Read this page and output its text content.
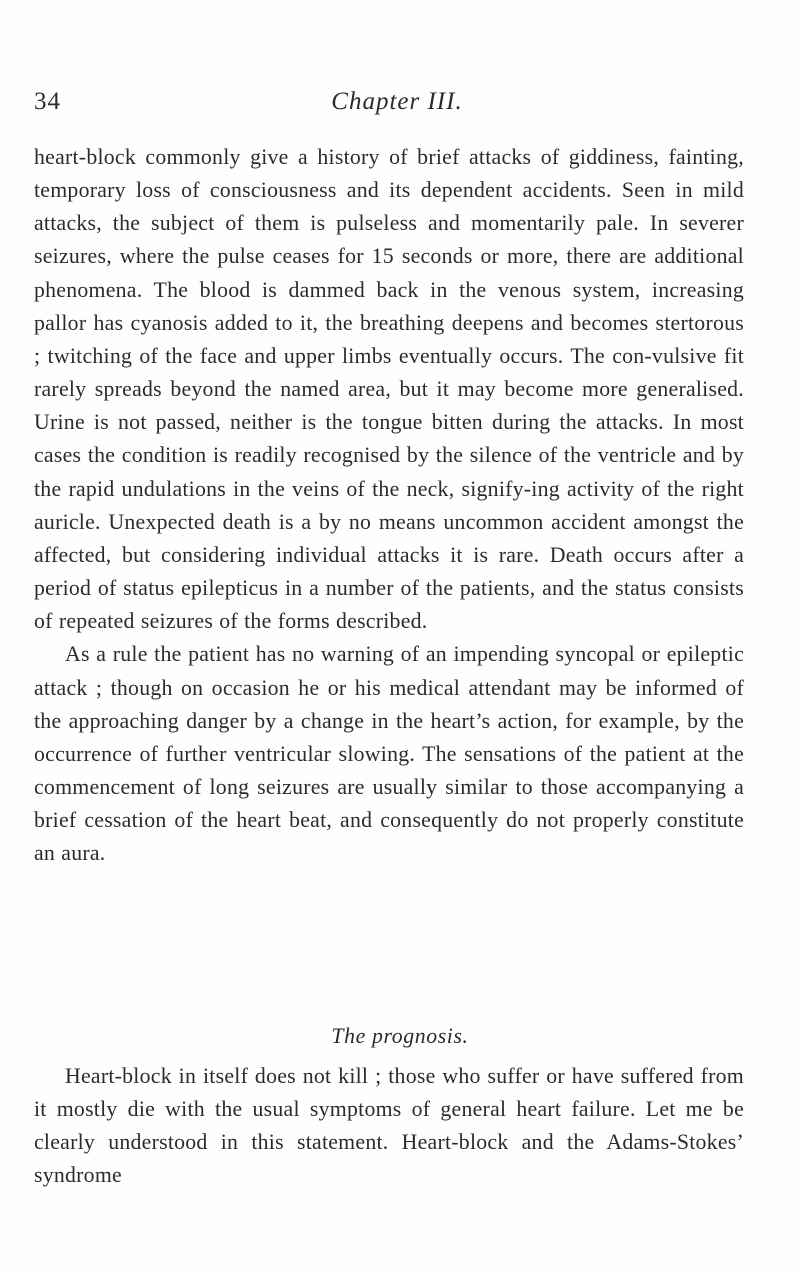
34	Chapter III.

heart-block commonly give a history of brief attacks of giddiness, fainting, temporary loss of consciousness and its dependent accidents. Seen in mild attacks, the subject of them is pulseless and momentarily pale. In severer seizures, where the pulse ceases for 15 seconds or more, there are additional phenomena. The blood is dammed back in the venous system, increasing pallor has cyanosis added to it, the breathing deepens and becomes stertorous ; twitching of the face and upper limbs eventually occurs. The con-vulsive fit rarely spreads beyond the named area, but it may become more generalised. Urine is not passed, neither is the tongue bitten during the attacks. In most cases the condition is readily recognised by the silence of the ventricle and by the rapid undulations in the veins of the neck, signify-ing activity of the right auricle. Unexpected death is a by no means uncommon accident amongst the affected, but considering individual attacks it is rare. Death occurs after a period of status epilepticus in a number of the patients, and the status consists of repeated seizures of the forms described.

As a rule the patient has no warning of an impending syncopal or epileptic attack ; though on occasion he or his medical attendant may be informed of the approaching danger by a change in the heart’s action, for example, by the occurrence of further ventricular slowing. The sensations of the patient at the commencement of long seizures are usually similar to those accompanying a brief cessation of the heart beat, and consequently do not properly constitute an aura.

The prognosis.

Heart-block in itself does not kill ; those who suffer or have suffered from it mostly die with the usual symptoms of general heart failure. Let me be clearly understood in this statement. Heart-block and the Adams-Stokes’ syndrome
